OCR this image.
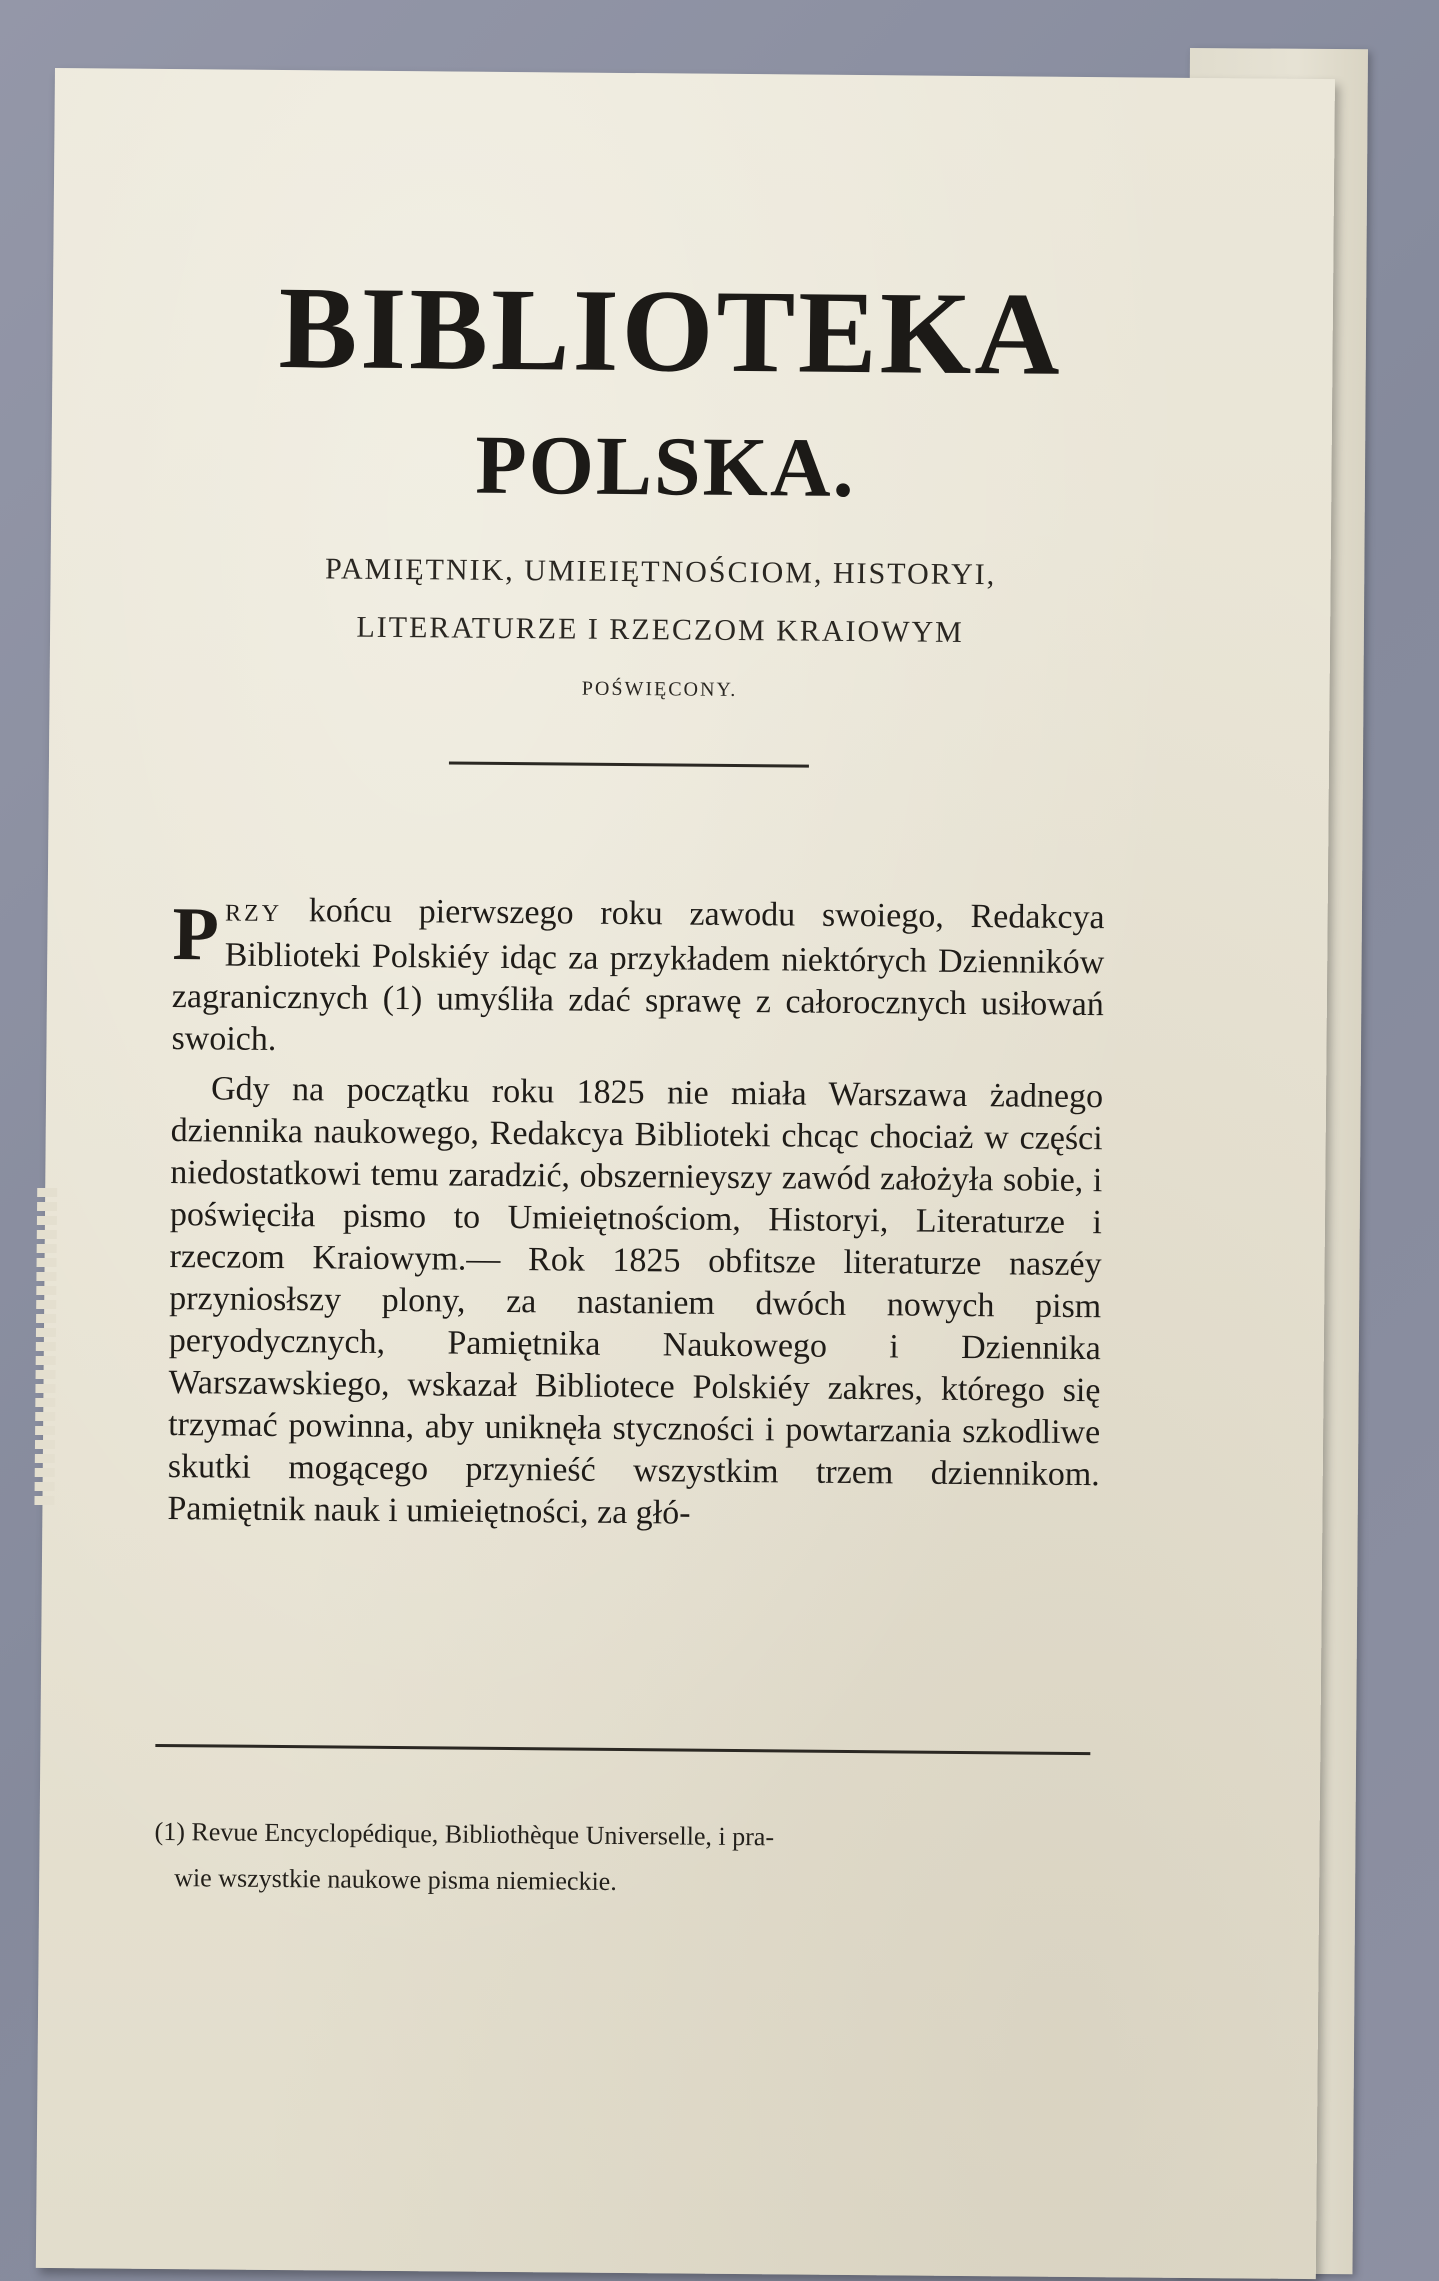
BIBLIOTEKA
POLSKA.
PAMIĘTNIK, UMIEIĘTNOŚCIOM, HISTORYI,
LITERATURZE I RZECZOM KRAIOWYM
POŚWIĘCONY.

PRZY końcu pierwszego roku zawodu swoiego, Redakcya Biblioteki Polskiéy idąc za przykładem niektórych Dzienników zagranicznych (1) umyśliła zdać sprawę z całorocznych usiłowań swoich.

Gdy na początku roku 1825 nie miała Warszawa żadnego dziennika naukowego, Redakcya Biblioteki chcąc chociaż w części niedostatkowi temu zaradzić, obszernieyszy zawód założyła sobie, i poświęciła pismo to Umieiętnościom, Historyi, Literaturze i rzeczom Kraiowym.— Rok 1825 obfitsze literaturze naszéy przyniosłszy plony, za nastaniem dwóch nowych pism peryodycznych, Pamiętnika Naukowego i Dziennika Warszawskiego, wskazał Bibliotece Polskiéy zakres, którego się trzymać powinna, aby uniknęła styczności i powtarzania szkodliwe skutki mogącego przynieść wszystkim trzem dziennikom. Pamiętnik nauk i umieiętności, za głó-

(1) Revue Encyclopédique, Bibliothèque Universelle, i pra-
wie wszystkie naukowe pisma niemieckie.
